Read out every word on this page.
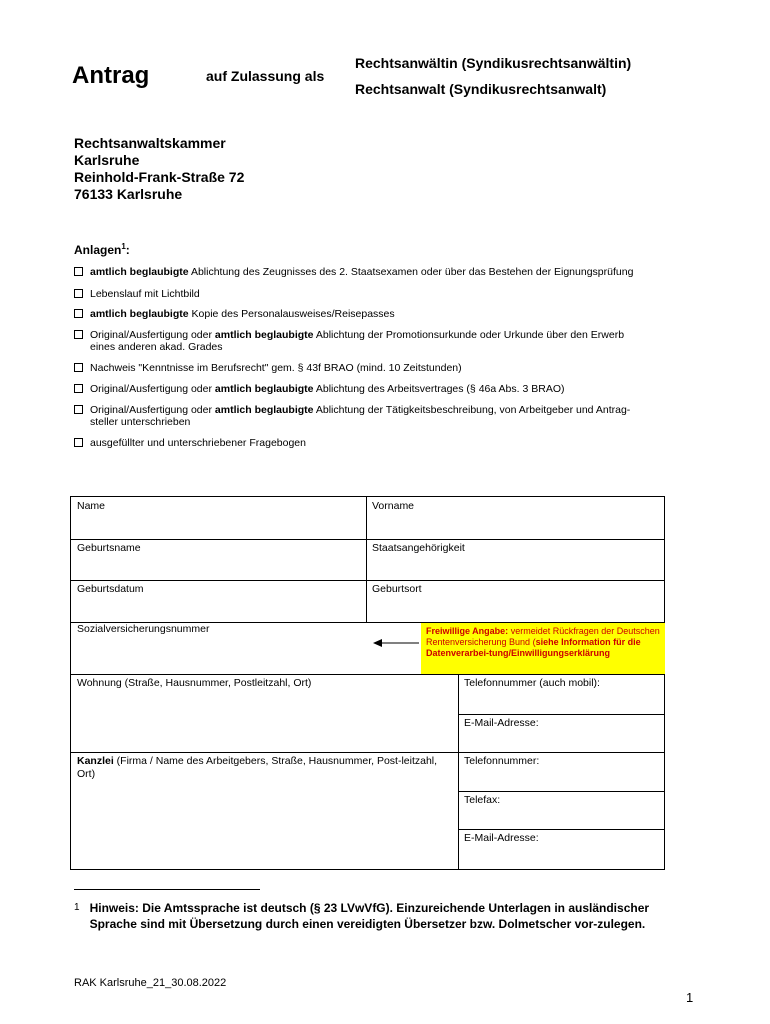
Antrag	auf Zulassung als
Rechtsanwältin (Syndikusrechtsanwältin)
Rechtsanwalt (Syndikusrechtsanwalt)
Rechtsanwaltskammer
Karlsruhe
Reinhold-Frank-Straße 72
76133 Karlsruhe
Anlagen$^1$:
amtlich beglaubigte Ablichtung des Zeugnisses des 2. Staatsexamen oder über das Bestehen der Eignungsprüfung
Lebenslauf mit Lichtbild
amtlich beglaubigte Kopie des Personalausweises/Reisepasses
Original/Ausfertigung oder amtlich beglaubigte Ablichtung der Promotionsurkunde oder Urkunde über den Erwerb
eines anderen akad. Grades
Nachweis "Kenntnisse im Berufsrecht" gem. § 43f BRAO (mind. 10 Zeitstunden)
Original/Ausfertigung oder amtlich beglaubigte Ablichtung des Arbeitsvertrages (§ 46a Abs. 3 BRAO)
Original/Ausfertigung oder amtlich beglaubigte Ablichtung der Tätigkeitsbeschreibung, von Arbeitgeber und Antrag-
steller unterschrieben
ausgefüllter und unterschriebener Fragebogen
Name	Vorname
Geburtsname	Staatsangehörigkeit
Geburtsdatum	Geburtsort
Sozialversicherungsnummer	Freiwillige Angabe: vermeidet Rückfragen der Deutschen Rentenversicherung Bund (siehe Information für die Datenverarbei-tung/Einwilligungserklärung
Wohnung (Straße, Hausnummer, Postleitzahl, Ort)	Telefonnummer (auch mobil):
E-Mail-Adresse:
Kanzlei (Firma / Name des Arbeitgebers, Straße, Hausnummer, Post-leitzahl, Ort)
Telefonnummer:
Telefax:
E-Mail-Adresse:
1 Hinweis: Die Amtssprache ist deutsch (§ 23 LVwVfG). Einzureichende Unterlagen in ausländischer Sprache sind mit Übersetzung durch einen vereidigten Übersetzer bzw. Dolmetscher vor-zulegen.
RAK Karlsruhe_21_30.08.2022
1
